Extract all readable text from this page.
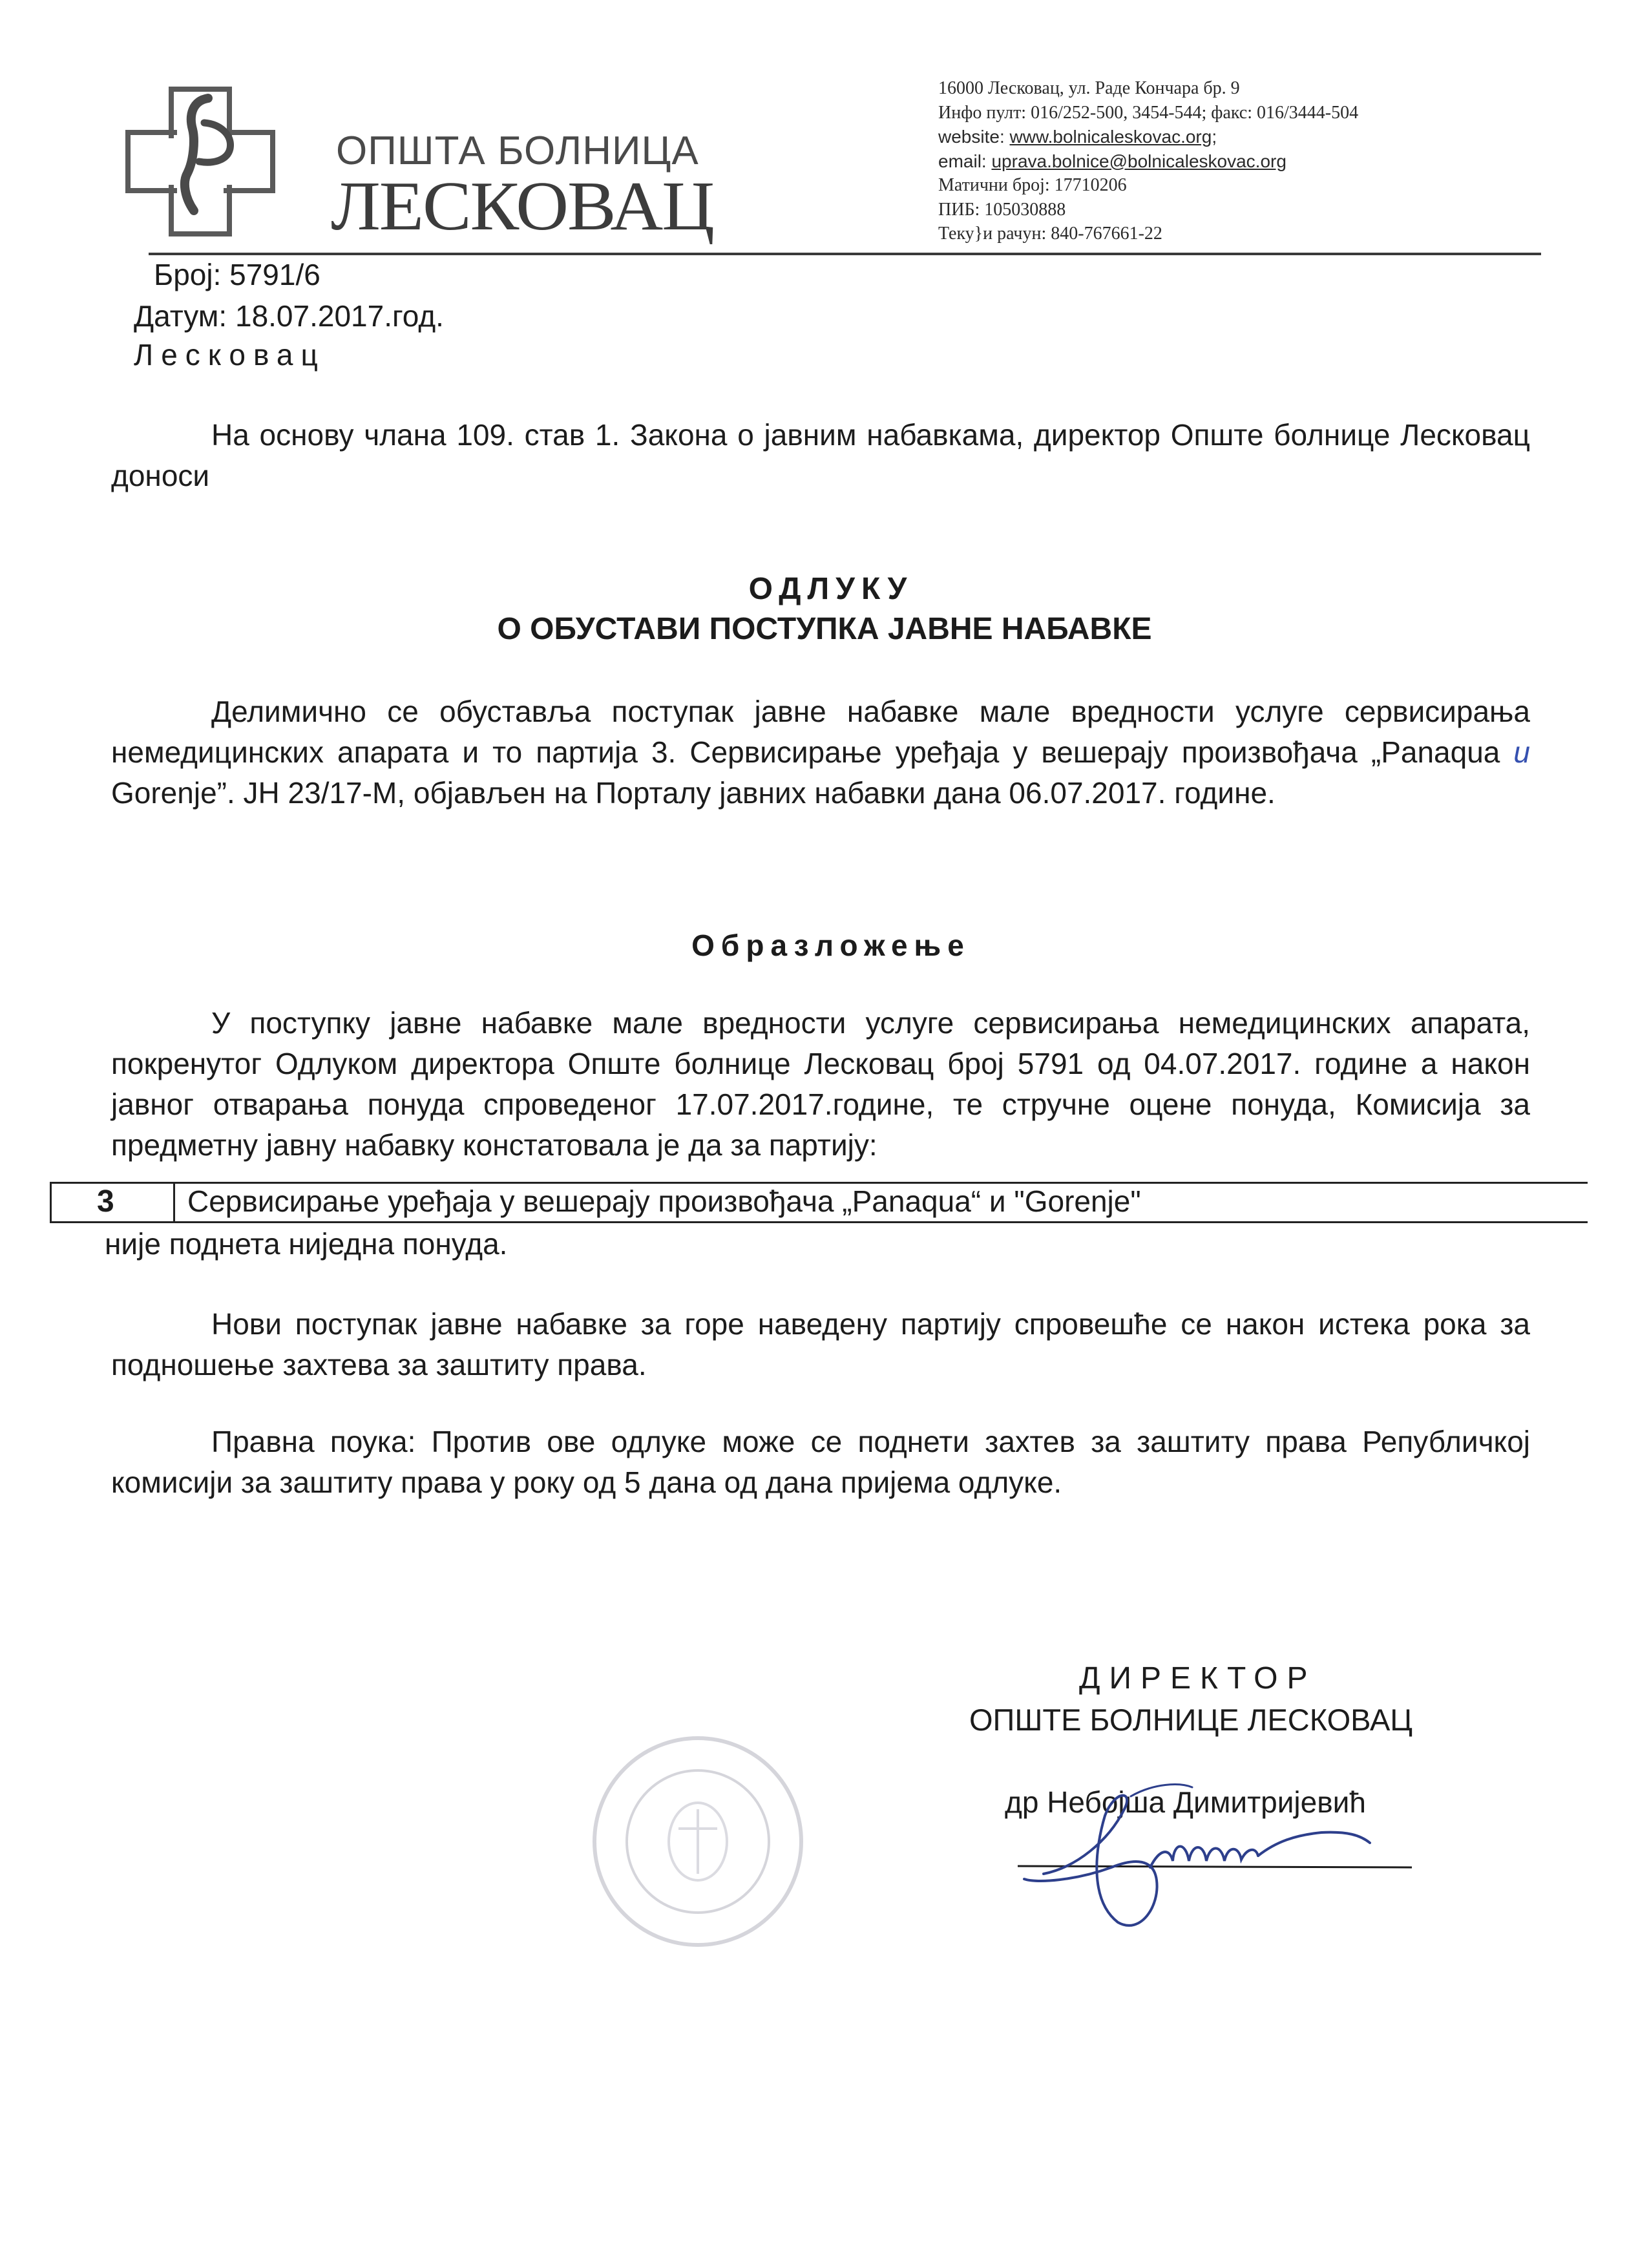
ОПШТА БОЛНИЦА
ЛЕСКОВАЦ
16000 Лесковац, ул. Раде Кончара бр. 9
Инфо пулт: 016/252-500, 3454-544; факс: 016/3444-504
website: www.bolnicaleskovac.org;
email: uprava.bolnice@bolnicaleskovac.org
Матични број: 17710206
ПИБ: 105030888
Теку}и рачун: 840-767661-22
Број: 5791/6
Датум: 18.07.2017.год.
Лесковац
На основу члана 109. став 1. Закона о јавним набавкама, директор Опште болнице Лесковац доноси
ОДЛУКУ
О ОБУСТАВИ ПОСТУПКА ЈАВНЕ НАБАВКЕ
Делимично се обуставља поступак јавне набавке мале вредности услуге сервисирања немедицинских апарата и то партија 3. Сервисирање уређаја у вешерају произвођача „Panaqua и Gorenje”. ЈН 23/17-М, објављен на Порталу јавних набавки дана 06.07.2017. године.
Образложење
У поступку јавне набавке мале вредности услуге сервисирања немедицинских апарата, покренутог Одлуком директора Опште болнице Лесковац број 5791 од 04.07.2017. године а након јавног отварања понуда спроведеног 17.07.2017.године, те стручне оцене понуда, Комисија за предметну јавну набавку констатовала је да за партију:
3 Сервисирање уређаја у вешерају произвођача „Panaqua“ и "Gorenje"
није поднета ниједна понуда.
Нови поступак јавне набавке за горе наведену партију спровешће се након истека рока за подношење захтева за заштиту права.
Правна поука: Против ове одлуке може се поднети захтев за заштиту права Републичкој комисији за заштиту права у року од 5 дана од дана пријема одлуке.
ДИРЕКТОР
ОПШТЕ БОЛНИЦЕ ЛЕСКОВАЦ
др Небојша Димитријевић
